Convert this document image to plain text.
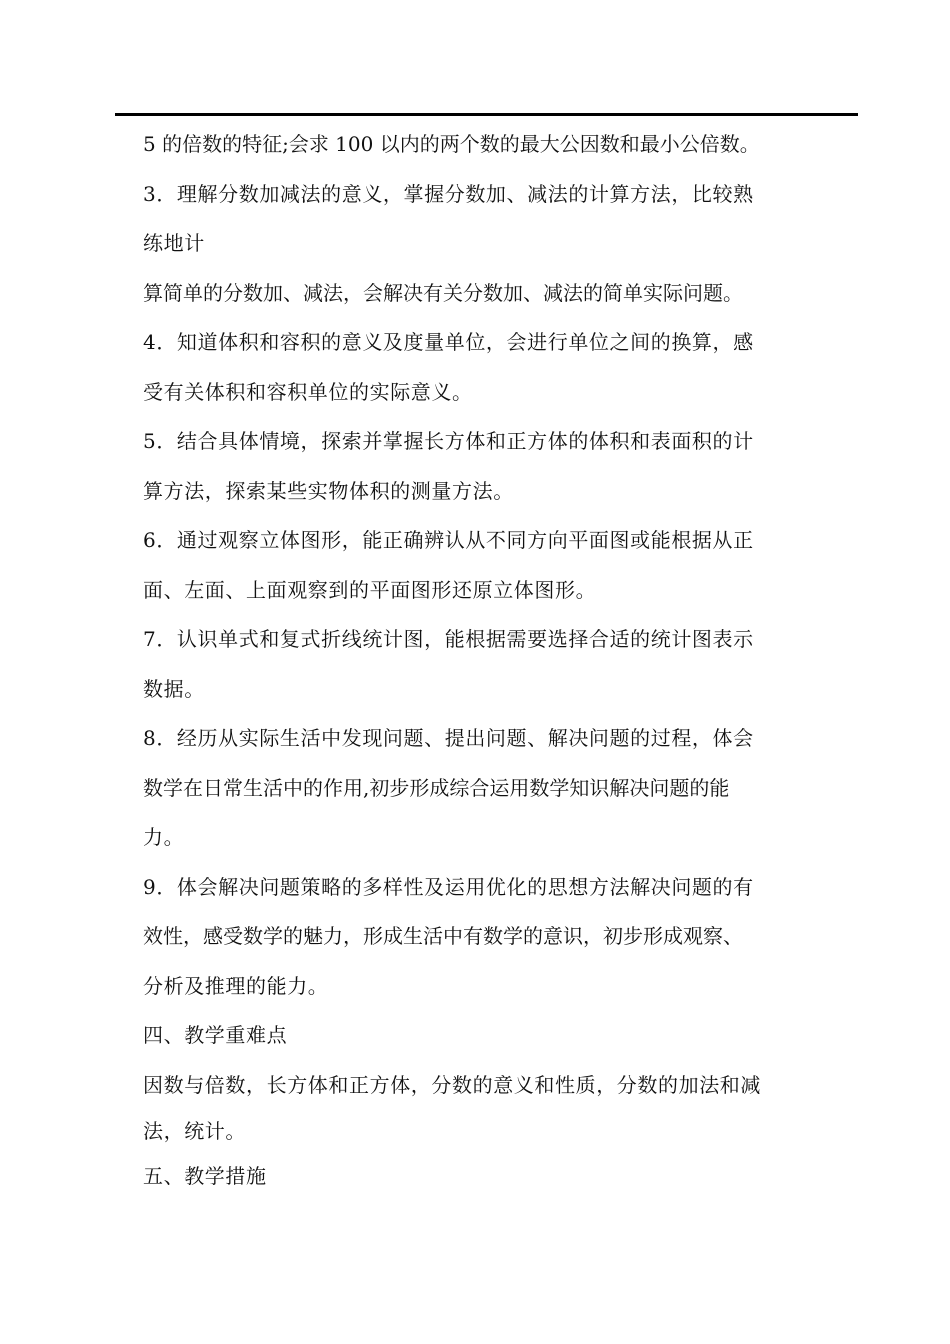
5 的倍数的特征;会求 100 以内的两个数的最大公因数和最小公倍数。
3．理解分数加减法的意义，掌握分数加、减法的计算方法，比较熟
练地计
算简单的分数加、减法，会解决有关分数加、减法的简单实际问题。
4．知道体积和容积的意义及度量单位，会进行单位之间的换算，感
受有关体积和容积单位的实际意义。
5．结合具体情境，探索并掌握长方体和正方体的体积和表面积的计
算方法，探索某些实物体积的测量方法。
6．通过观察立体图形，能正确辨认从不同方向平面图或能根据从正
面、左面、上面观察到的平面图形还原立体图形。
7．认识单式和复式折线统计图，能根据需要选择合适的统计图表示
数据。
8．经历从实际生活中发现问题、提出问题、解决问题的过程，体会
数学在日常生活中的作用,初步形成综合运用数学知识解决问题的能
力。
9．体会解决问题策略的多样性及运用优化的思想方法解决问题的有
效性，感受数学的魅力，形成生活中有数学的意识，初步形成观察、
分析及推理的能力。
四、教学重难点
因数与倍数，长方体和正方体，分数的意义和性质，分数的加法和减
法，统计。
五、教学措施
